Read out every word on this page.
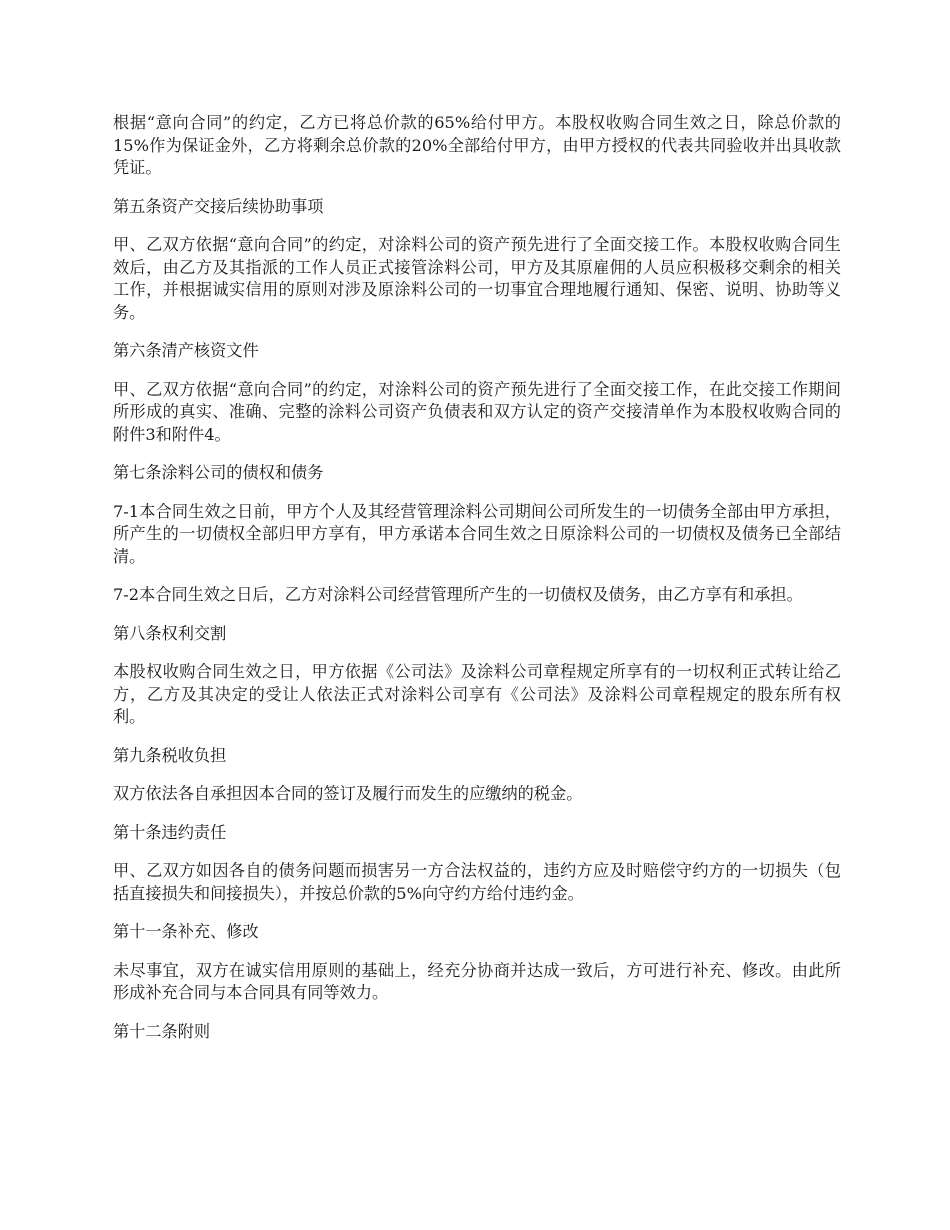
根据“意向合同”的约定，乙方已将总价款的65%给付甲方。本股权收购合同生效之日，除总价款的15%作为保证金外，乙方将剩余总价款的20%全部给付甲方，由甲方授权的代表共同验收并出具收款凭证。

第五条资产交接后续协助事项

甲、乙双方依据“意向合同”的约定，对涂料公司的资产预先进行了全面交接工作。本股权收购合同生效后，由乙方及其指派的工作人员正式接管涂料公司，甲方及其原雇佣的人员应积极移交剩余的相关工作，并根据诚实信用的原则对涉及原涂料公司的一切事宜合理地履行通知、保密、说明、协助等义务。

第六条清产核资文件

甲、乙双方依据“意向合同”的约定，对涂料公司的资产预先进行了全面交接工作，在此交接工作期间所形成的真实、准确、完整的涂料公司资产负债表和双方认定的资产交接清单作为本股权收购合同的附件3和附件4。

第七条涂料公司的债权和债务

7-1本合同生效之日前，甲方个人及其经营管理涂料公司期间公司所发生的一切债务全部由甲方承担，所产生的一切债权全部归甲方享有，甲方承诺本合同生效之日原涂料公司的一切债权及债务已全部结清。

7-2本合同生效之日后，乙方对涂料公司经营管理所产生的一切债权及债务，由乙方享有和承担。

第八条权利交割

本股权收购合同生效之日，甲方依据《公司法》及涂料公司章程规定所享有的一切权利正式转让给乙方，乙方及其决定的受让人依法正式对涂料公司享有《公司法》及涂料公司章程规定的股东所有权利。

第九条税收负担

双方依法各自承担因本合同的签订及履行而发生的应缴纳的税金。

第十条违约责任

甲、乙双方如因各自的债务问题而损害另一方合法权益的，违约方应及时赔偿守约方的一切损失（包括直接损失和间接损失），并按总价款的5%向守约方给付违约金。

第十一条补充、修改

未尽事宜，双方在诚实信用原则的基础上，经充分协商并达成一致后，方可进行补充、修改。由此所形成补充合同与本合同具有同等效力。

第十二条附则
